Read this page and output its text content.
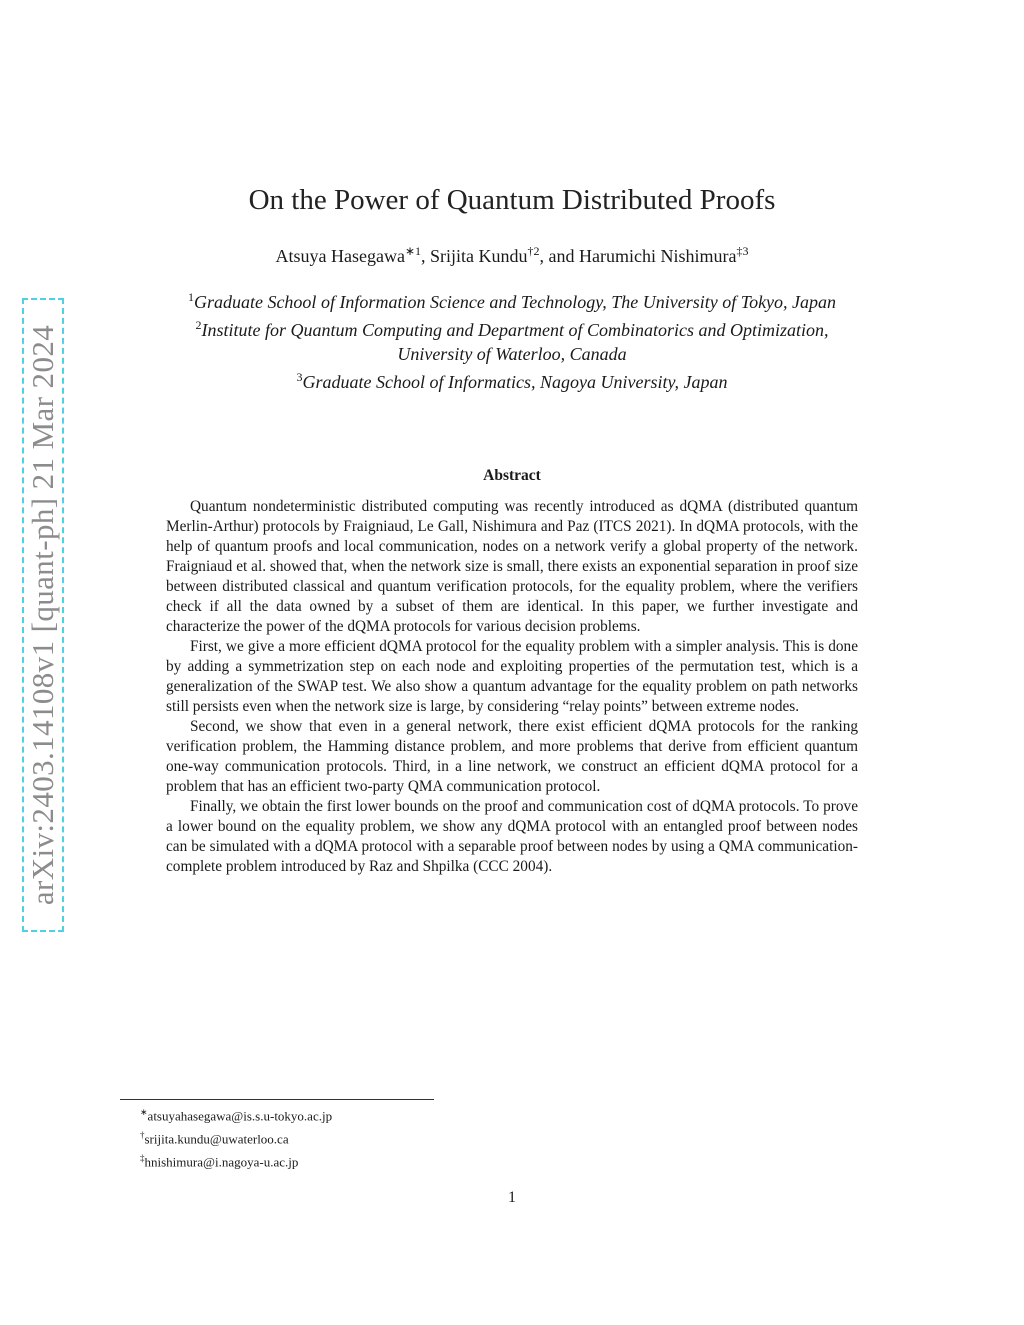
arXiv:2403.14108v1 [quant-ph] 21 Mar 2024
On the Power of Quantum Distributed Proofs
Atsuya Hasegawa$^{∗1}$, Srijita Kundu$^{\dagger 2}$, and Harumichi Nishimura$^{\ddagger 3}$
$^1$Graduate School of Information Science and Technology, The University of Tokyo, Japan
$^2$Institute for Quantum Computing and Department of Combinatorics and Optimization,
University of Waterloo, Canada
$^3$Graduate School of Informatics, Nagoya University, Japan
Abstract

Quantum nondeterministic distributed computing was recently introduced as dQMA (distributed quantum Merlin-Arthur) protocols by Fraigniaud, Le Gall, Nishimura and Paz (ITCS 2021). In dQMA protocols, with the help of quantum proofs and local communication, nodes on a network verify a global property of the network. Fraigniaud et al. showed that, when the network size is small, there exists an exponential separation in proof size between distributed classical and quantum verification protocols, for the equality problem, where the verifiers check if all the data owned by a subset of them are identical. In this paper, we further investigate and characterize the power of the dQMA protocols for various decision problems.

First, we give a more efficient dQMA protocol for the equality problem with a simpler analysis. This is done by adding a symmetrization step on each node and exploiting properties of the permutation test, which is a generalization of the SWAP test. We also show a quantum advantage for the equality problem on path networks still persists even when the network size is large, by considering “relay points” between extreme nodes.

Second, we show that even in a general network, there exist efficient dQMA protocols for the ranking verification problem, the Hamming distance problem, and more problems that derive from efficient quantum one-way communication protocols. Third, in a line network, we construct an efficient dQMA protocol for a problem that has an efficient two-party QMA communication protocol.

Finally, we obtain the first lower bounds on the proof and communication cost of dQMA protocols. To prove a lower bound on the equality problem, we show any dQMA protocol with an entangled proof between nodes can be simulated with a dQMA protocol with a separable proof between nodes by using a QMA communication-complete problem introduced by Raz and Shpilka (CCC 2004).

∗atsuyahasegawa@is.s.u-tokyo.ac.jp
†srijita.kundu@uwaterloo.ca
‡hnishimura@i.nagoya-u.ac.jp
1
